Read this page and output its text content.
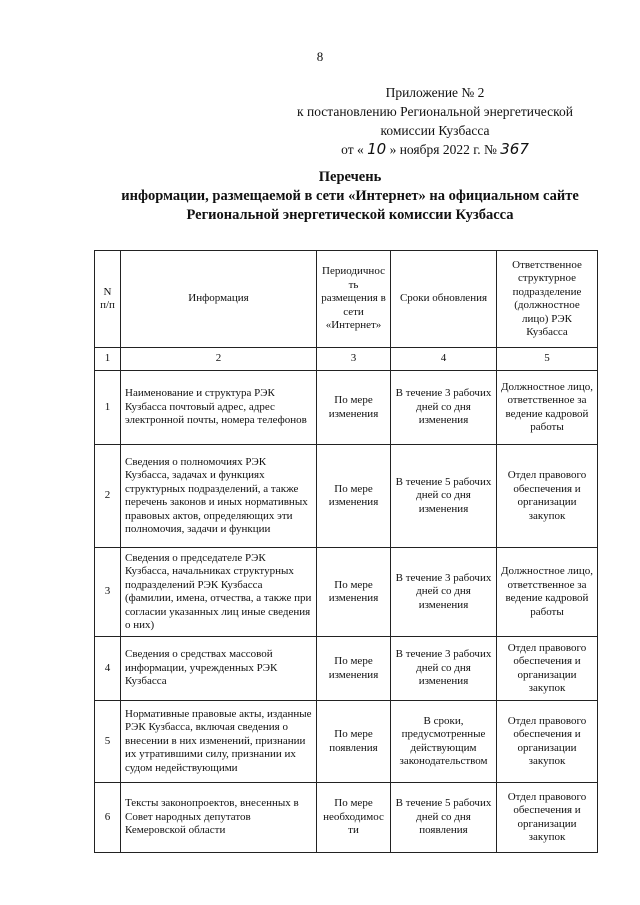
8
Приложение № 2
к постановлению Региональной энергетической
комиссии Кузбасса
от « 10 » ноября 2022 г. № 367
Перечень
информации, размещаемой в сети «Интернет» на официальном сайте
Региональной энергетической комиссии Кузбасса
N п/п	Информация	Периодичнос ть размещения в сети «Интернет»	Сроки обновления	Ответственное структурное подразделение (должностное лицо) РЭК Кузбасса
1	2	3	4	5
1	Наименование и структура РЭК Кузбасса почтовый адрес, адрес электронной почты, номера телефонов	По мере изменения	В течение 3 рабочих дней со дня изменения	Должностное лицо, ответственное за ведение кадровой работы
2	Сведения о полномочиях РЭК Кузбасса, задачах и функциях структурных подразделений, а также перечень законов и иных нормативных правовых актов, определяющих эти полномочия, задачи и функции	По мере изменения	В течение 5 рабочих дней со дня изменения	Отдел правового обеспечения и организации закупок
3	Сведения о председателе РЭК Кузбасса, начальниках структурных подразделений РЭК Кузбасса (фамилии, имена, отчества, а также при согласии указанных лиц иные сведения о них)	По мере изменения	В течение 3 рабочих дней со дня изменения	Должностное лицо, ответственное за ведение кадровой работы
4	Сведения о средствах массовой информации, учрежденных РЭК Кузбасса	По мере изменения	В течение 3 рабочих дней со дня изменения	Отдел правового обеспечения и организации закупок
5	Нормативные правовые акты, изданные РЭК Кузбасса, включая сведения о внесении в них изменений, признании их утратившими силу, признании их судом недействующими	По мере появления	В сроки, предусмотренные действующим законодательством	Отдел правового обеспечения и организации закупок
6	Тексты законопроектов, внесенных в Совет народных депутатов Кемеровской области	По мере необходимос ти	В течение 5 рабочих дней со дня появления	Отдел правового обеспечения и организации закупок
